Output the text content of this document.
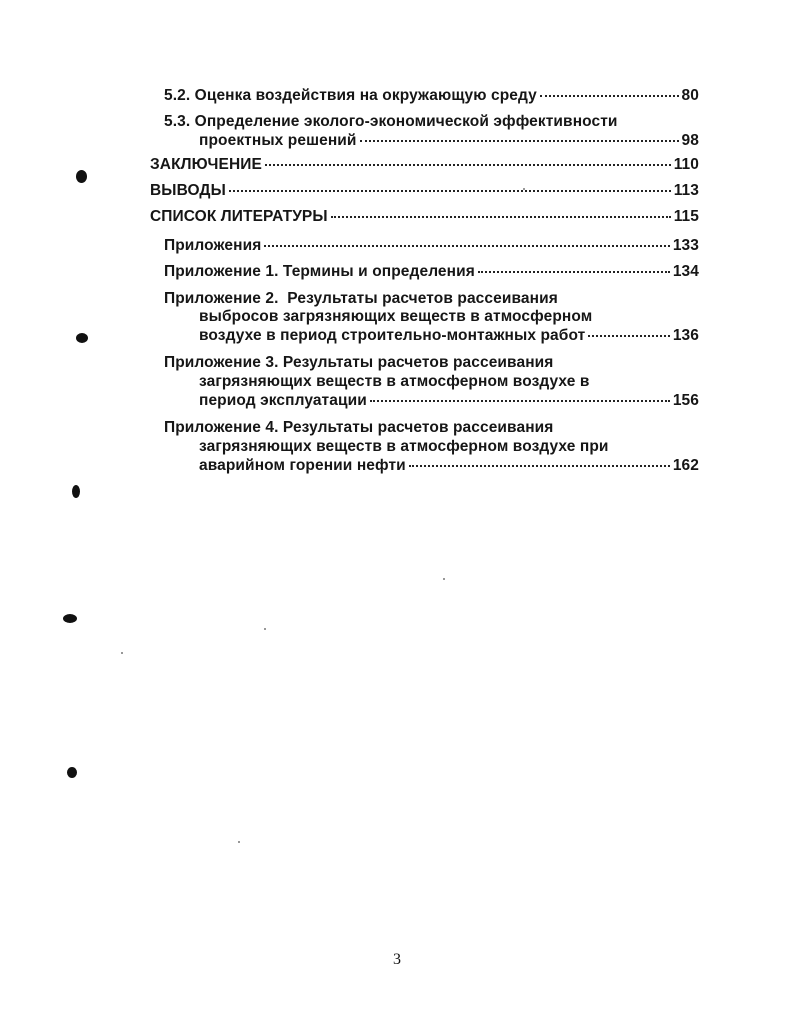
5.2. Оценка воздействия на окружающую среду	80
5.3. Определение эколого-экономической эффективности
проектных решений	98
ЗАКЛЮЧЕНИЕ	110
ВЫВОДЫ	113
СПИСОК ЛИТЕРАТУРЫ	115
Приложения	133
Приложение 1. Термины и определения	134
Приложение 2.  Результаты расчетов рассеивания
выбросов загрязняющих веществ в атмосферном
воздухе в период строительно-монтажных работ	136
Приложение 3. Результаты расчетов рассеивания
загрязняющих веществ в атмосферном воздухе в
период эксплуатации	156
Приложение 4. Результаты расчетов рассеивания
загрязняющих веществ в атмосферном воздухе при
аварийном горении нефти	162
3
